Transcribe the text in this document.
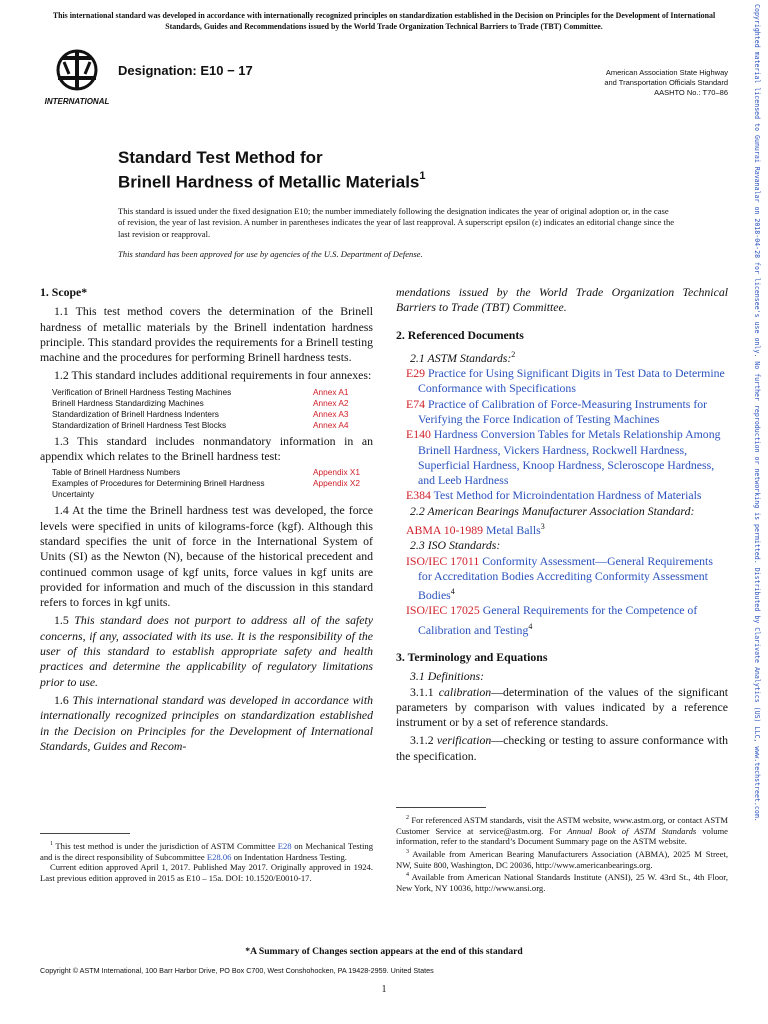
This international standard was developed in accordance with internationally recognized principles on standardization established in the Decision on Principles for the Development of International Standards, Guides and Recommendations issued by the World Trade Organization Technical Barriers to Trade (TBT) Committee.
INTERNATIONAL
Designation: E10 − 17	American Association State Highway
and Transportation Officials Standard
AASHTO No.: T70–86
Standard Test Method for
Brinell Hardness of Metallic Materials$^1$
This standard is issued under the fixed designation E10; the number immediately following the designation indicates the year of original adoption or, in the case of revision, the year of last revision. A number in parentheses indicates the year of last reapproval. A superscript epsilon (ε) indicates an editorial change since the last revision or reapproval.
This standard has been approved for use by agencies of the U.S. Department of Defense.
1. Scope*

1.1 This test method covers the determination of the Brinell hardness of metallic materials by the Brinell indentation hardness principle. This standard provides the requirements for a Brinell testing machine and the procedures for performing Brinell hardness tests.

1.2 This standard includes additional requirements in four annexes:

Verification of Brinell Hardness Testing Machines	Annex A1
Brinell Hardness Standardizing Machines	Annex A2
Standardization of Brinell Hardness Indenters	Annex A3
Standardization of Brinell Hardness Test Blocks	Annex A4

1.3 This standard includes nonmandatory information in an appendix which relates to the Brinell hardness test:

Table of Brinell Hardness Numbers	Appendix X1
Examples of Procedures for Determining Brinell Hardness Uncertainty	Appendix X2

1.4 At the time the Brinell hardness test was developed, the force levels were specified in units of kilograms-force (kgf). Although this standard specifies the unit of force in the International System of Units (SI) as the Newton (N), because of the historical precedent and continued common usage of kgf units, force values in kgf units are provided for information and much of the discussion in this standard refers to forces in kgf units.

1.5 This standard does not purport to address all of the safety concerns, if any, associated with its use. It is the responsibility of the user of this standard to establish appropriate safety and health practices and determine the applicability of regulatory limitations prior to use.

1.6 This international standard was developed in accordance with internationally recognized principles on standardization established in the Decision on Principles for the Development of International Standards, Guides and Recom-

mendations issued by the World Trade Organization Technical Barriers to Trade (TBT) Committee.

2. Referenced Documents
2.1 ASTM Standards:$^2$
E29 Practice for Using Significant Digits in Test Data to Determine Conformance with Specifications
E74 Practice of Calibration of Force-Measuring Instruments for Verifying the Force Indication of Testing Machines
E140 Hardness Conversion Tables for Metals Relationship Among Brinell Hardness, Vickers Hardness, Rockwell Hardness, Superficial Hardness, Knoop Hardness, Scleroscope Hardness, and Leeb Hardness
E384 Test Method for Microindentation Hardness of Materials

2.2 American Bearings Manufacturer Association Standard:

ABMA 10-1989 Metal Balls$^3$

2.3 ISO Standards:

ISO/IEC 17011 Conformity Assessment—General Requirements for Accreditation Bodies Accrediting Conformity Assessment Bodies$^4$
ISO/IEC 17025 General Requirements for the Competence of Calibration and Testing$^4$
3. Terminology and Equations

3.1 Definitions:

3.1.1 calibration—determination of the values of the significant parameters by comparison with values indicated by a reference instrument or by a set of reference standards.

3.1.2 verification—checking or testing to assure conformance with the specification.

$^1$ This test method is under the jurisdiction of ASTM Committee E28 on Mechanical Testing and is the direct responsibility of Subcommittee E28.06 on Indentation Hardness Testing.

Current edition approved April 1, 2017. Published May 2017. Originally approved in 1924. Last previous edition approved in 2015 as E10 – 15a. DOI: 10.1520/E0010-17.

$^2$ For referenced ASTM standards, visit the ASTM website, www.astm.org, or contact ASTM Customer Service at service@astm.org. For Annual Book of ASTM Standards volume information, refer to the standard’s Document Summary page on the ASTM website.

$^3$ Available from American Bearing Manufacturers Association (ABMA), 2025 M Street, NW, Suite 800, Washington, DC 20036, http://www.americanbearings.org.

$^4$ Available from American National Standards Institute (ANSI), 25 W. 43rd St., 4th Floor, New York, NY 10036, http://www.ansi.org.

*A Summary of Changes section appears at the end of this standard
Copyright © ASTM International, 100 Barr Harbor Drive, PO Box C700, West Conshohocken, PA 19428-2959. United States
1
Copyrighted material licensed to Gunurai Ravanalar on 2018-04-28 for licensee's use only. No further reproduction or networking is permitted. Distributed by Clarivate Analytics (US) LLC, www.techstreet.com.
